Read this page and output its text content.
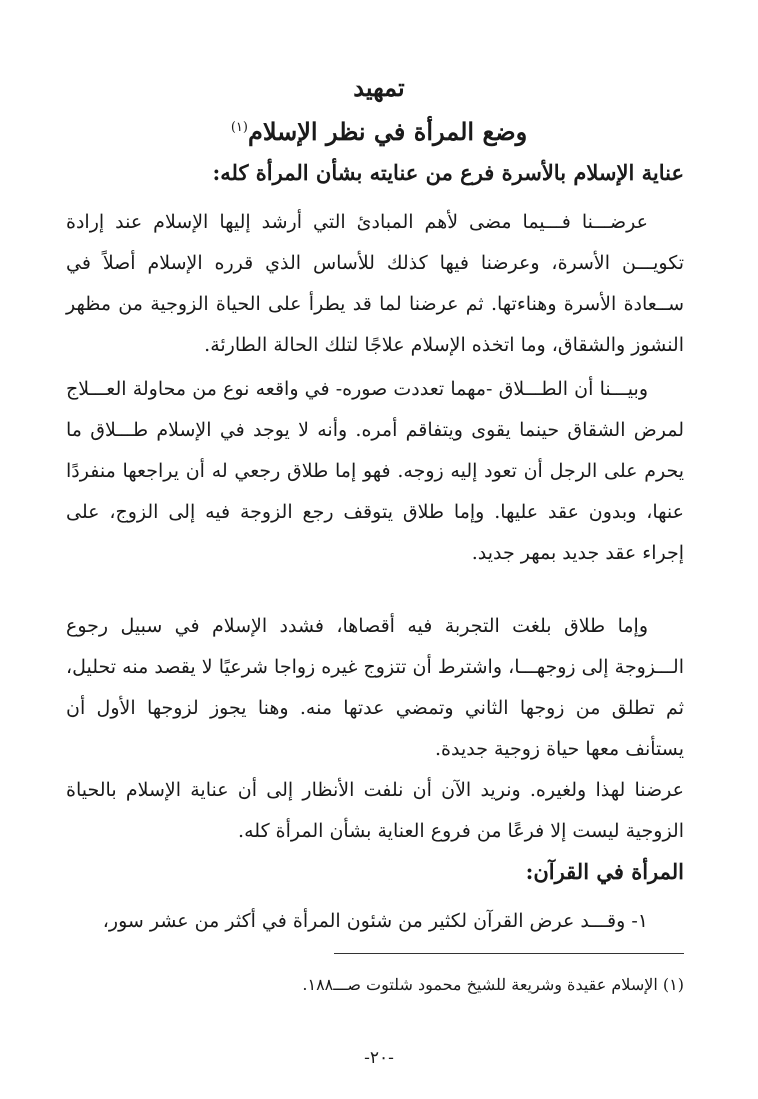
تمهيد
وضع المرأة في نظر الإسلام$^{(١)}$
عناية الإسلام بالأسرة فرع من عنايته بشأن المرأة كله:

عرضـــنا فـــيما مضى لأهم المبادئ التي أرشد إليها الإسلام عند إرادة تكويـــن الأسرة، وعرضنا فيها كذلك للأساس الذي قرره الإسلام أصلاً في ســعادة الأسرة وهناءتها. ثم عرضنا لما قد يطرأ على الحياة الزوجية من مظهر النشوز والشقاق، وما اتخذه الإسلام علاجًا لتلك الحالة الطارئة.

وبيـــنا أن الطـــلاق -مهما تعددت صوره- في واقعه نوع من محاولة العـــلاج لمرض الشقاق حينما يقوى ويتفاقم أمره. وأنه لا يوجد في الإسلام طـــلاق ما يحرم على الرجل أن تعود إليه زوجه. فهو إما طلاق رجعي له أن يراجعها منفردًا عنها، وبدون عقد عليها. وإما طلاق يتوقف رجع الزوجة فيه إلى الزوج، على إجراء عقد جديد بمهر جديد.

وإما طلاق بلغت التجربة فيه أقصاها، فشدد الإسلام في سبيل رجوع الـــزوجة إلى زوجهـــا، واشترط أن تتزوج غيره زواجا شرعيًا لا يقصد منه تحليل، ثم تطلق من زوجها الثاني وتمضي عدتها منه. وهنا يجوز لزوجها الأول أن يستأنف معها حياة زوجية جديدة.

عرضنا لهذا ولغيره. ونريد الآن أن نلفت الأنظار إلى أن عناية الإسلام بالحياة الزوجية ليست إلا فرعًا من فروع العناية بشأن المرأة كله.

المرأة في القرآن:

١- وقـــد عرض القرآن لكثير من شئون المرأة في أكثر من عشر سور،

(١) الإسلام عقيدة وشريعة للشيخ محمود شلتوت صـــ١٨٨.

-٢٠-
